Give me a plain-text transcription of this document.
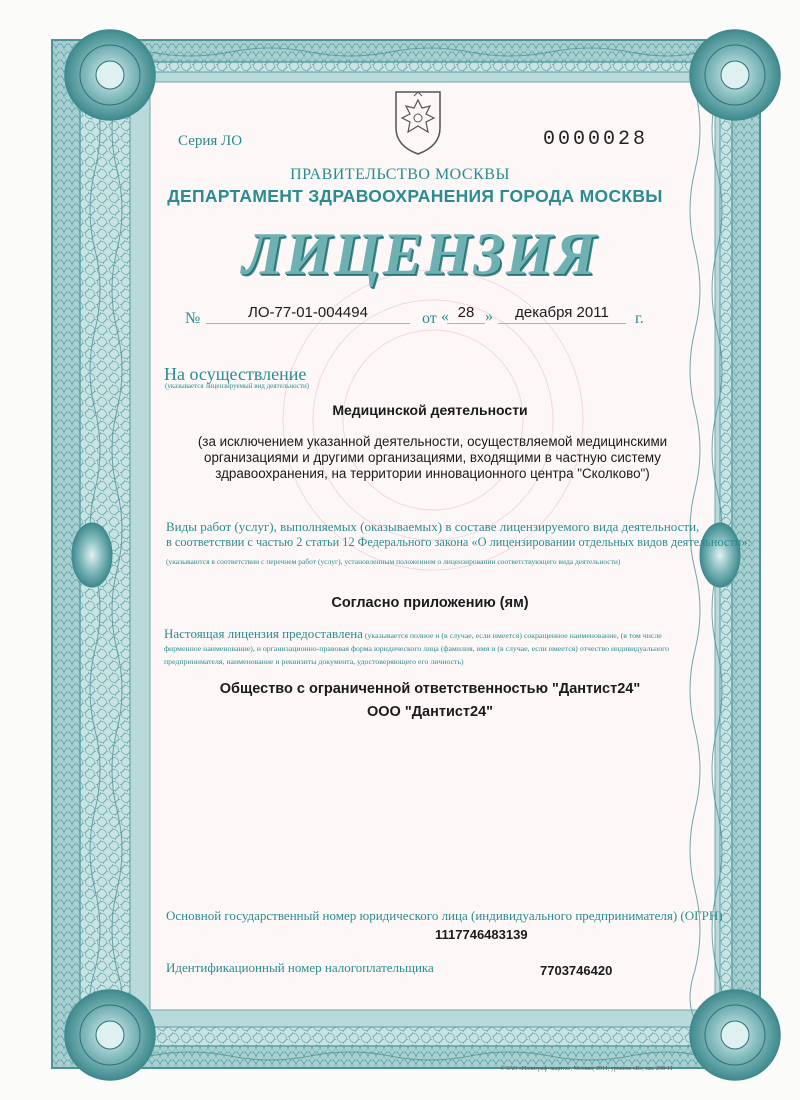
Серия ЛО	0000028
ПРАВИТЕЛЬСТВО МОСКВЫ
ДЕПАРТАМЕНТ ЗДРАВООХРАНЕНИЯ ГОРОДА МОСКВЫ
ЛИЦЕНЗИЯ
№	ЛО-77-01-004494	от « 28 »	декабря 2011	г.
На осуществление
(указывается лицензируемый вид деятельности)
Медицинской деятельности
(за исключением указанной деятельности, осуществляемой медицинскими организациями и другими организациями, входящими в частную систему здравоохранения, на территории инновационного центра "Сколково")
Виды работ (услуг), выполняемых (оказываемых) в составе лицензируемого вида деятельности,
в соответствии с частью 2 статьи 12 Федерального закона «О лицензировании отдельных видов деятельности»:
(указываются в соответствии с перечнем работ (услуг), установленным положением о лицензировании соответствующего вида деятельности)
Согласно приложению (ям)
Настоящая лицензия предоставлена (указывается полное и (в случае, если имеется) сокращенное наименование, (в том числе фирменное наименование), и организационно-правовая форма юридического лица (фамилия, имя и (в случае, если имеется) отчество индивидуального предпринимателя, наименование и реквизиты документа, удостоверяющего его личность)
Общество с ограниченной ответственностью "Дантист24"
ООО "Дантист24"
Основной государственный номер юридического лица (индивидуального предпринимателя) (ОГРН)
1117746483139
Идентификационный номер налогоплательщика	7703746420
© ЗАО «Полиграф-защита», Москва, 2011, уровень «Б», зак. 298-11
